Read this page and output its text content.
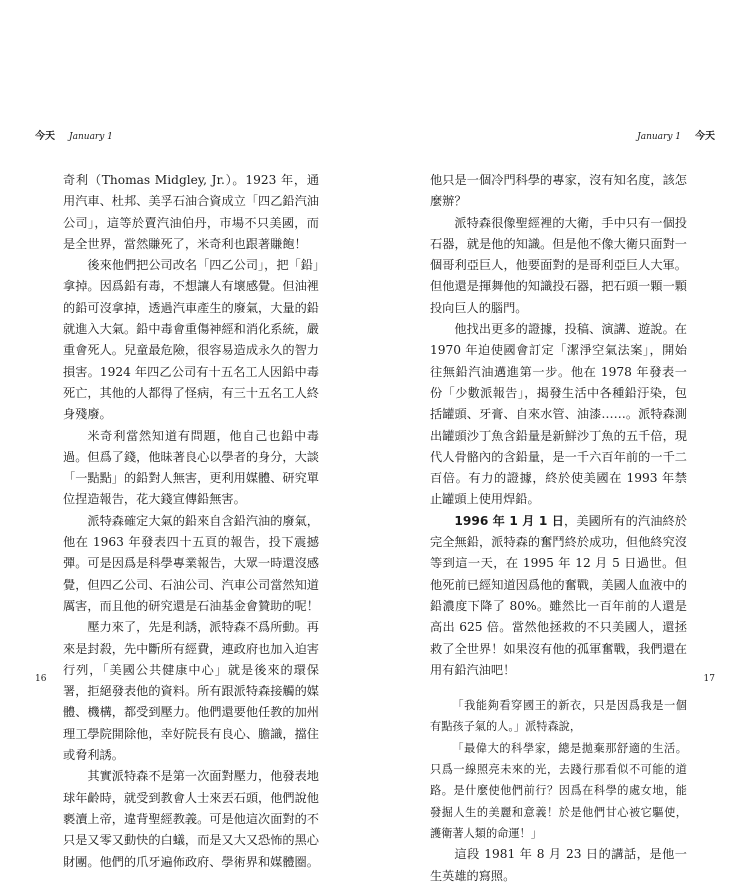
今天 January 1	January 1 今天

奇利（Thomas Midgley, Jr.）。1923 年，通用汽車、杜邦、美孚石油合資成立「四乙鉛汽油公司」，這等於賣汽油伯丹，市場不只美國，而是全世界，當然賺死了，米奇利也跟著賺飽！

後來他們把公司改名「四乙公司」，把「鉛」拿掉。因爲鉛有毒，不想讓人有壞感覺。但油裡的鉛可沒拿掉，透過汽車產生的廢氣，大量的鉛就進入大氣。鉛中毒會重傷神經和消化系統，嚴重會死人。兒童最危險，很容易造成永久的智力損害。1924 年四乙公司有十五名工人因鉛中毒死亡，其他的人都得了怪病，有三十五名工人終身殘廢。

米奇利當然知道有問題，他自己也鉛中毒過。但爲了錢，他昧著良心以學者的身分，大談「一點點」的鉛對人無害，更利用媒體、研究單位捏造報告，花大錢宣傳鉛無害。

派特森確定大氣的鉛來自含鉛汽油的廢氣，他在 1963 年發表四十五頁的報告，投下震撼彈。可是因爲是科學專業報告，大眾一時還沒感覺，但四乙公司、石油公司、汽車公司當然知道厲害，而且他的研究還是石油基金會贊助的呢！

壓力來了，先是利誘，派特森不爲所動。再來是封殺，先中斷所有經費，連政府也加入迫害行列，「美國公共健康中心」就是後來的環保署，拒絕發表他的資料。所有跟派特森接觸的媒體、機構，都受到壓力。他們還要他任教的加州理工學院開除他，幸好院長有良心、膽識，擋住或脅利誘。

其實派特森不是第一次面對壓力，他發表地球年齡時，就受到教會人士來丟石頭，他們說他褻瀆上帝，違背聖經教義。可是他這次面對的不只是又零又動快的白蟻，而是又大又恐怖的黑心財團。他們的爪牙遍佈政府、學術界和媒體圈。

他只是一個冷門科學的專家，沒有知名度，該怎麼辦？

派特森很像聖經裡的大衛，手中只有一個投石器，就是他的知識。但是他不像大衛只面對一個哥利亞巨人，他要面對的是哥利亞巨人大軍。但他還是揮舞他的知識投石器，把石頭一顆一顆投向巨人的腦門。

他找出更多的證據，投稿、演講、遊說。在 1970 年迫使國會訂定「潔淨空氣法案」，開始往無鉛汽油邁進第一步。他在 1978 年發表一份「少數派報告」，揭發生活中各種鉛汙染，包括罐頭、牙膏、自來水管、油漆……。派特森測出罐頭沙丁魚含鉛量是新鮮沙丁魚的五千倍，現代人骨骼內的含鉛量，是一千六百年前的一千二百倍。有力的證據，終於使美國在 1993 年禁止罐頭上使用焊鉛。

1996 年 1 月 1 日，美國所有的汽油終於完全無鉛，派特森的奮鬥終於成功，但他終究沒等到這一天，在 1995 年 12 月 5 日過世。但他死前已經知道因爲他的奮戰，美國人血液中的鉛濃度下降了 80%。雖然比一百年前的人還是高出 625 倍。當然他拯救的不只美國人，還拯救了全世界！如果沒有他的孤軍奮戰，我們還在用有鉛汽油吧！

「我能夠看穿國王的新衣，只是因爲我是一個有點孩子氣的人。」派特森說，

「最偉大的科學家，總是拋棄那舒適的生活。只爲一線照亮未來的光，去踐行那看似不可能的道路。是什麼使他們前行？因爲在科學的處女地，能發掘人生的美麗和意義！於是他們甘心被它驅使，護衛著人類的命運！」

這段 1981 年 8 月 23 日的講話，是他一生英雄的寫照。

16	17
